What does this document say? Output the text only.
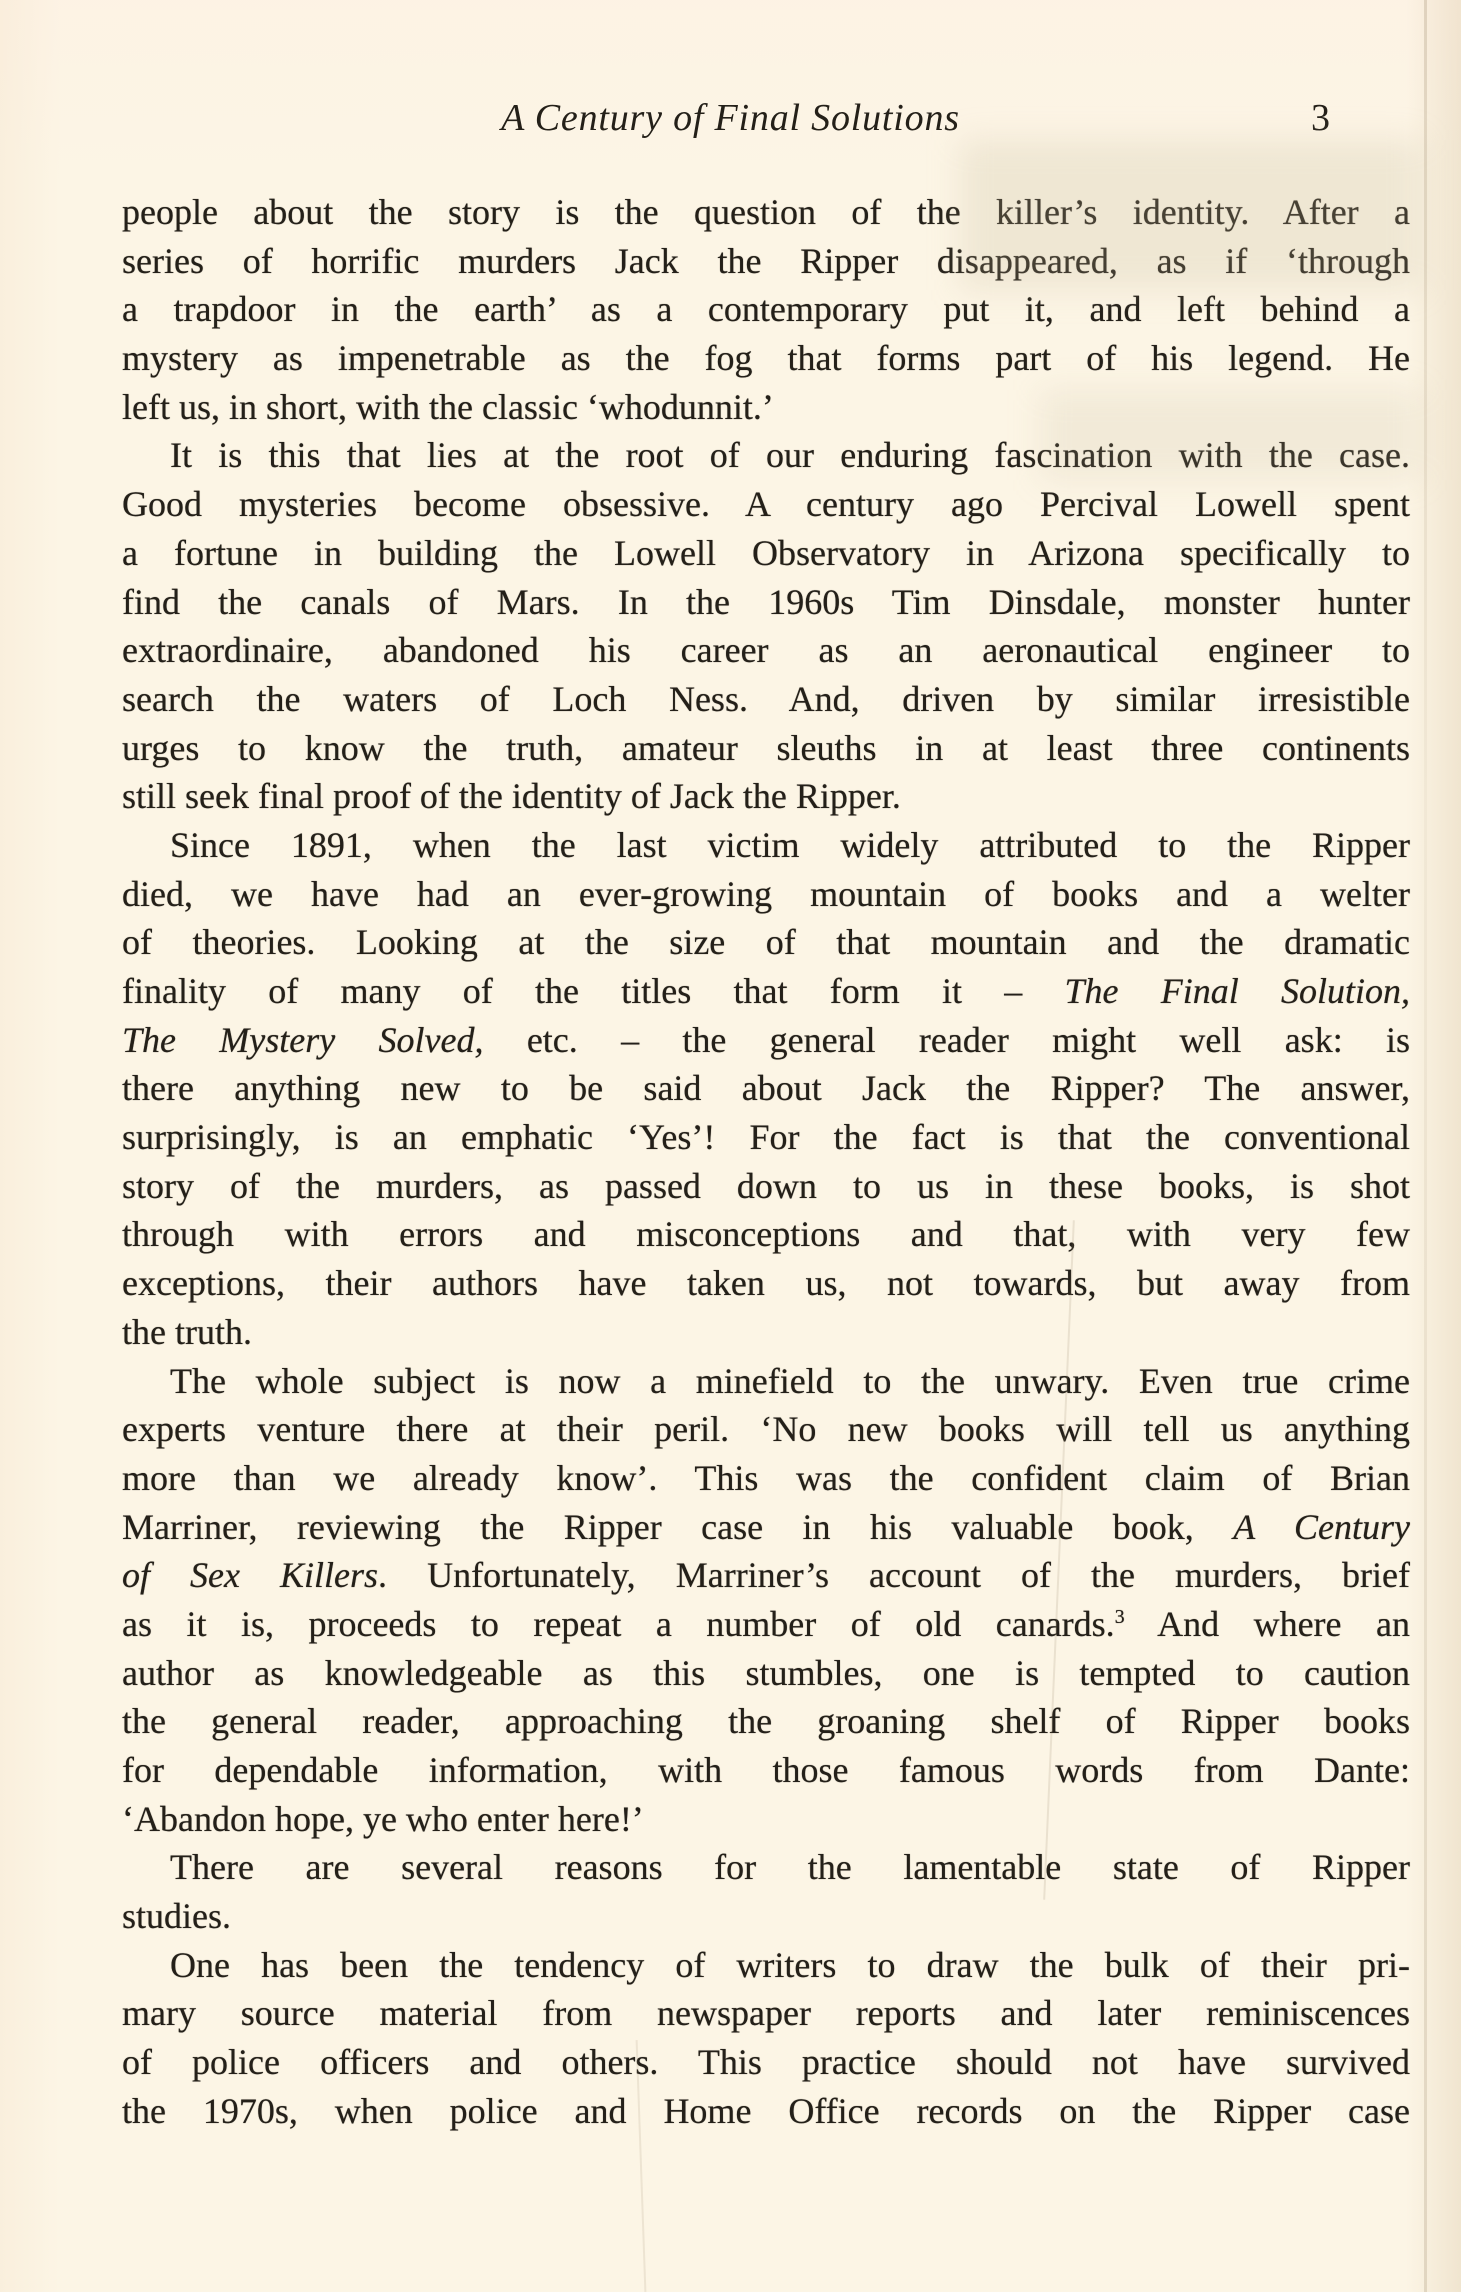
A Century of Final Solutions	3
people about the story is the question of the killer’s identity. After a
series of horrific murders Jack the Ripper disappeared, as if ‘through
a trapdoor in the earth’ as a contemporary put it, and left behind a
mystery as impenetrable as the fog that forms part of his legend. He
left us, in short, with the classic ‘whodunnit.’
It is this that lies at the root of our enduring fascination with the case.
Good mysteries become obsessive. A century ago Percival Lowell spent
a fortune in building the Lowell Observatory in Arizona specifically to
find the canals of Mars. In the 1960s Tim Dinsdale, monster hunter
extraordinaire, abandoned his career as an aeronautical engineer to
search the waters of Loch Ness. And, driven by similar irresistible
urges to know the truth, amateur sleuths in at least three continents
still seek final proof of the identity of Jack the Ripper.
Since 1891, when the last victim widely attributed to the Ripper
died, we have had an ever-growing mountain of books and a welter
of theories. Looking at the size of that mountain and the dramatic
finality of many of the titles that form it – The Final Solution,
The Mystery Solved, etc. – the general reader might well ask: is
there anything new to be said about Jack the Ripper? The answer,
surprisingly, is an emphatic ‘Yes’! For the fact is that the conventional
story of the murders, as passed down to us in these books, is shot
through with errors and misconceptions and that, with very few
exceptions, their authors have taken us, not towards, but away from
the truth.
The whole subject is now a minefield to the unwary. Even true crime
experts venture there at their peril. ‘No new books will tell us anything
more than we already know’. This was the confident claim of Brian
Marriner, reviewing the Ripper case in his valuable book, A Century
of Sex Killers. Unfortunately, Marriner’s account of the murders, brief
as it is, proceeds to repeat a number of old canards.$^3$ And where an
author as knowledgeable as this stumbles, one is tempted to caution
the general reader, approaching the groaning shelf of Ripper books
for dependable information, with those famous words from Dante:
‘Abandon hope, ye who enter here!’
There are several reasons for the lamentable state of Ripper
studies.
One has been the tendency of writers to draw the bulk of their pri-
mary source material from newspaper reports and later reminiscences
of police officers and others. This practice should not have survived
the 1970s, when police and Home Office records on the Ripper case
